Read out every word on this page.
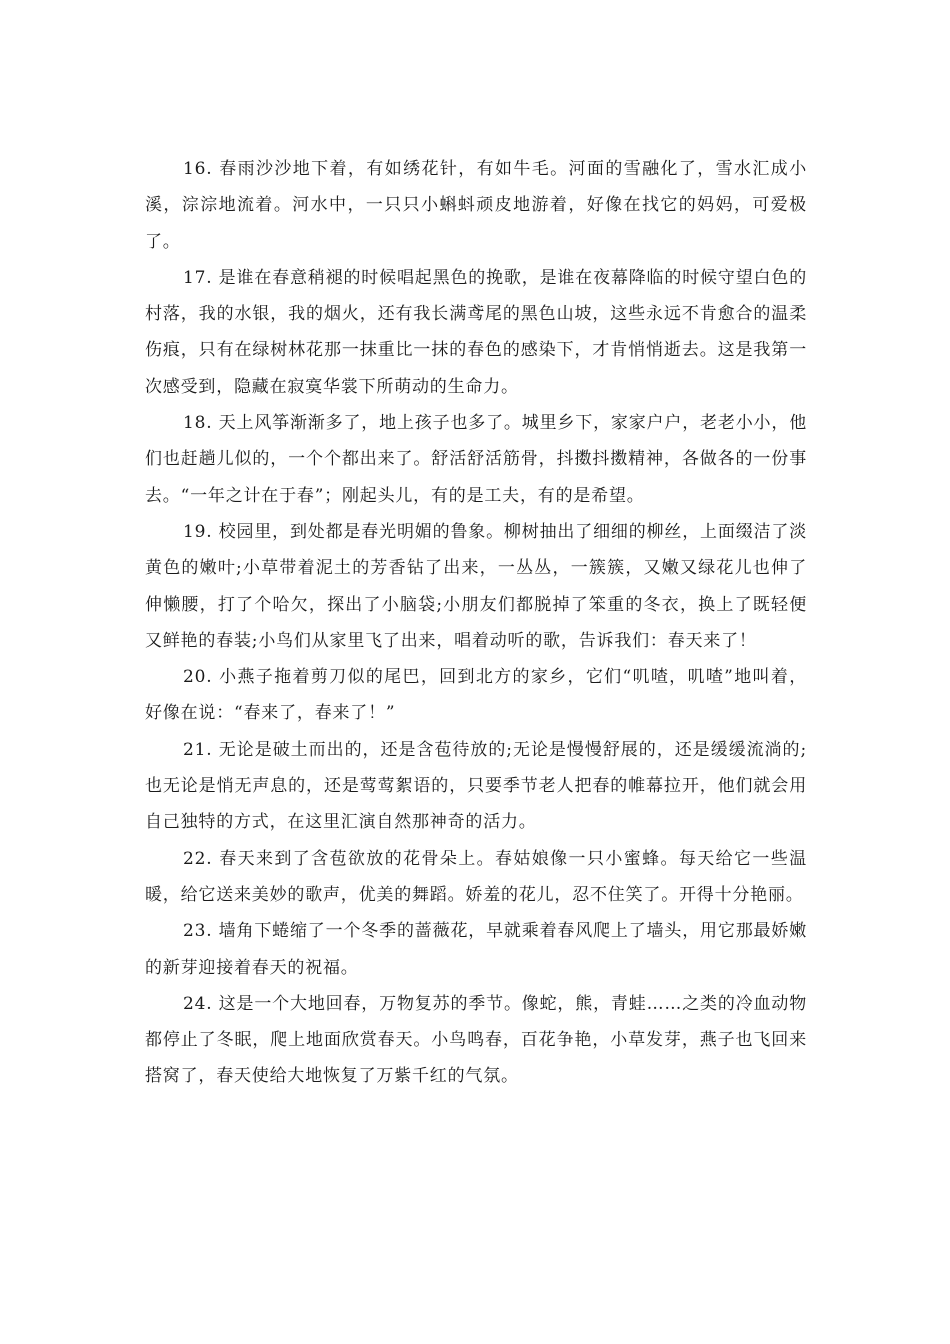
16. 春雨沙沙地下着，有如绣花针，有如牛毛。河面的雪融化了，雪水汇成小溪，淙淙地流着。河水中，一只只小蝌蚪顽皮地游着，好像在找它的妈妈，可爱极了。

17. 是谁在春意稍褪的时候唱起黑色的挽歌，是谁在夜幕降临的时候守望白色的村落，我的水银，我的烟火，还有我长满鸢尾的黑色山坡，这些永远不肯愈合的温柔伤痕，只有在绿树林花那一抹重比一抹的春色的感染下，才肯悄悄逝去。这是我第一次感受到，隐藏在寂寞华裳下所萌动的生命力。

18. 天上风筝渐渐多了，地上孩子也多了。城里乡下，家家户户，老老小小，他们也赶趟儿似的，一个个都出来了。舒活舒活筋骨，抖擞抖擞精神，各做各的一份事去。“一年之计在于春”；刚起头儿，有的是工夫，有的是希望。

19. 校园里，到处都是春光明媚的鲁象。柳树抽出了细细的柳丝，上面缀洁了淡黄色的嫩叶;小草带着泥土的芳香钻了出来，一丛丛，一簇簇，又嫩又绿花儿也伸了伸懒腰，打了个哈欠，探出了小脑袋;小朋友们都脱掉了笨重的冬衣，换上了既轻便又鲜艳的春装;小鸟们从家里飞了出来，唱着动听的歌，告诉我们：春天来了！

20. 小燕子拖着剪刀似的尾巴，回到北方的家乡，它们“叽喳，叽喳”地叫着，好像在说：“春来了，春来了！”

21. 无论是破土而出的，还是含苞待放的;无论是慢慢舒展的，还是缓缓流淌的;也无论是悄无声息的，还是莺莺絮语的，只要季节老人把春的帷幕拉开，他们就会用自己独特的方式，在这里汇演自然那神奇的活力。

22. 春天来到了含苞欲放的花骨朵上。春姑娘像一只小蜜蜂。每天给它一些温暖，给它送来美妙的歌声，优美的舞蹈。娇羞的花儿，忍不住笑了。开得十分艳丽。

23. 墙角下蜷缩了一个冬季的蔷薇花，早就乘着春风爬上了墙头，用它那最娇嫩的新芽迎接着春天的祝福。

24. 这是一个大地回春，万物复苏的季节。像蛇，熊，青蛙……之类的冷血动物都停止了冬眠，爬上地面欣赏春天。小鸟鸣春，百花争艳，小草发芽，燕子也飞回来搭窝了，春天使给大地恢复了万紫千红的气氛。
